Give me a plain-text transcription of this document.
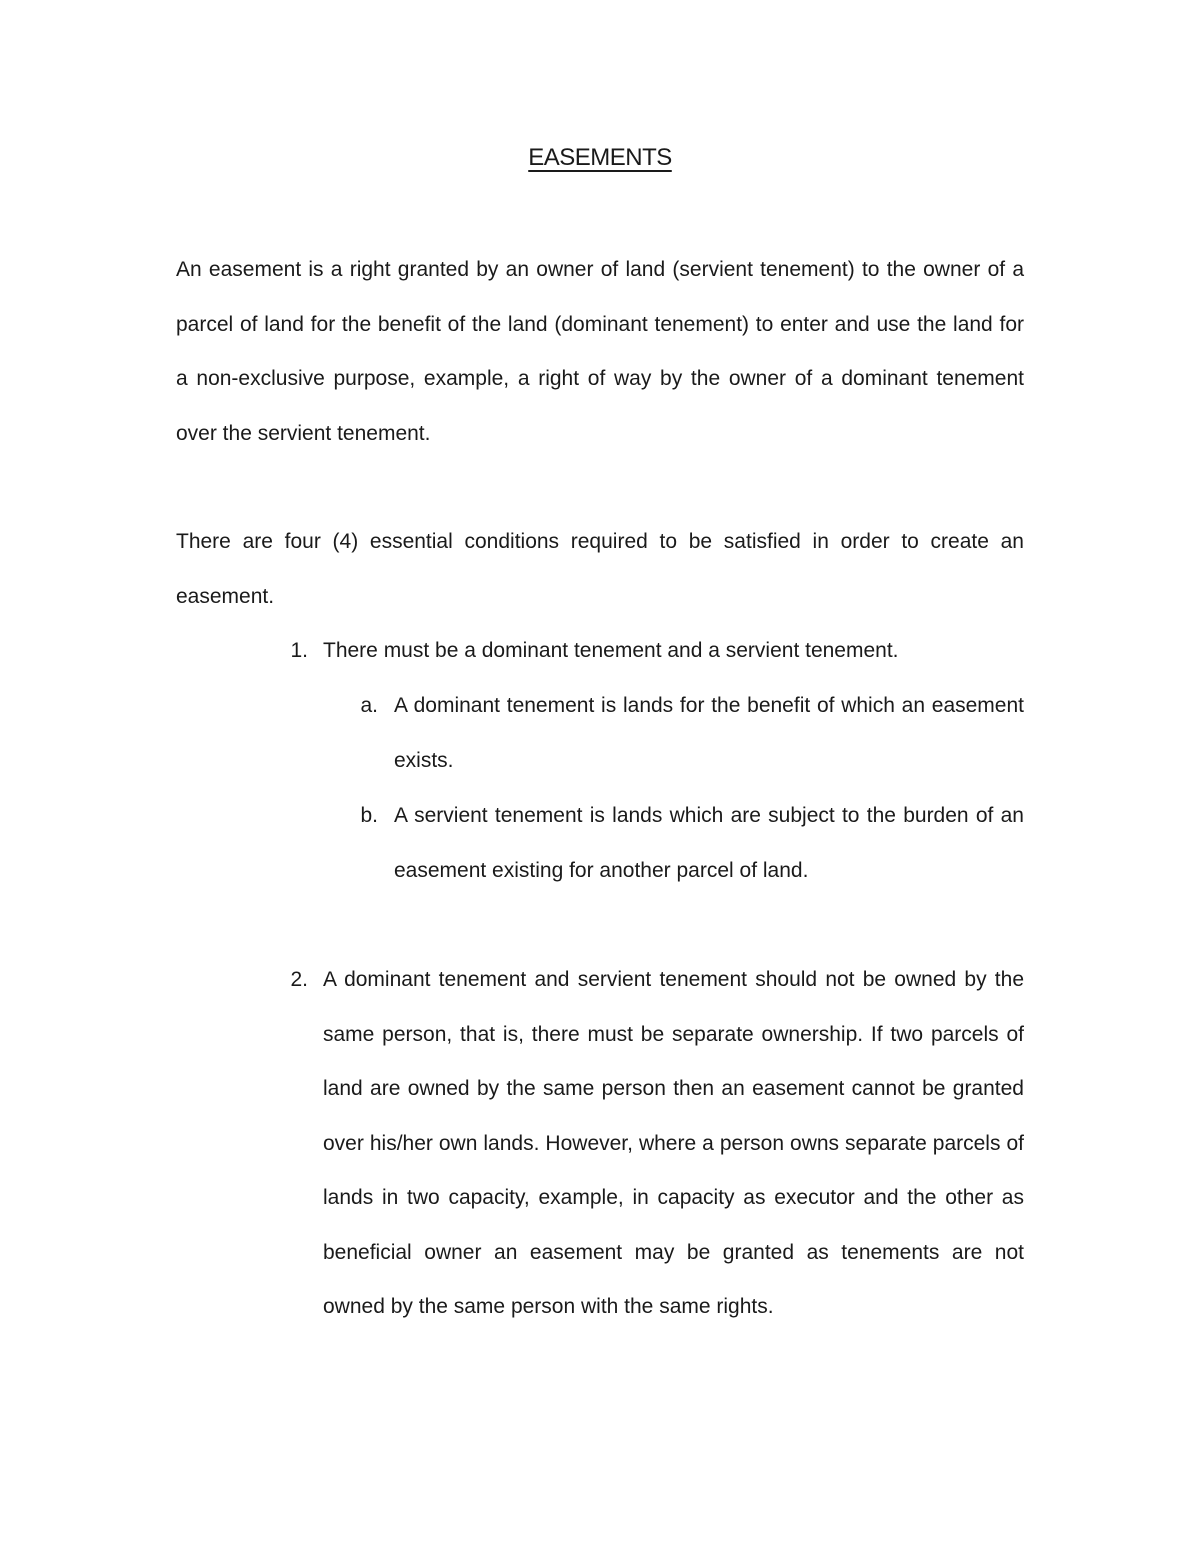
EASEMENTS

An easement is a right granted by an owner of land (servient tenement) to the owner of a parcel of land for the benefit of the land (dominant tenement) to enter and use the land for a non-exclusive purpose, example, a right of way by the owner of a dominant tenement over the servient tenement.

There are four (4) essential conditions required to be satisfied in order to create an easement.

1. There must be a dominant tenement and a servient tenement.

a. A dominant tenement is lands for the benefit of which an easement exists.

b. A servient tenement is lands which are subject to the burden of an easement existing for another parcel of land.

2. A dominant tenement and servient tenement should not be owned by the same person, that is, there must be separate ownership. If two parcels of land are owned by the same person then an easement cannot be granted over his/her own lands. However, where a person owns separate parcels of lands in two capacity, example, in capacity as executor and the other as beneficial owner an easement may be granted as tenements are not owned by the same person with the same rights.
